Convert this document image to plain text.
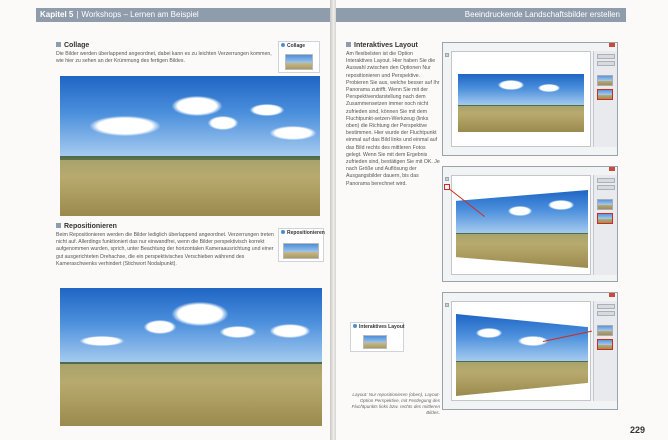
Kapitel 5 | Workshops – Lernen am Beispiel
Collage
Die Bilder werden überlappend angeordnet, dabei kann es zu leichten Verzerrungen kommen, wie hier zu sehen an der Krümmung des fertigen Bildes.
Collage
Repositionieren
Beim Repositionieren werden die Bilder lediglich überlappend angeordnet. Verzerrungen treten nicht auf. Allerdings funktioniert das nur einwandfrei, wenn die Bilder perspektivisch korrekt aufgenommen wurden, sprich, unter Beachtung der horizontalen Kameraausrichtung und einer gut ausgerichteten Drehachse, die ein perspektivisches Verschieben während des Kameraschwenks verhindert (Stichwort Nodalpunkt).
Repositionieren
Beeindruckende Landschaftsbilder erstellen
Interaktives Layout
Am flexibelsten ist die Option Interaktives Layout. Hier haben Sie die Auswahl zwischen den Optionen Nur repositionieren und Perspektive. Probieren Sie aus, welche besser auf Ihr Panorama zutrifft. Wenn Sie mit der Perspektivendarstellung nach dem Zusammensetzen immer noch nicht zufrieden sind, können Sie mit dem Fluchtpunkt-setzen-Werkzeug (links oben) die Richtung der Perspektive bestimmen. Hier wurde der Fluchtpunkt einmal auf das Bild links und einmal auf das Bild rechts des mittleren Fotos gelegt. Wenn Sie mit dem Ergebnis zufrieden sind, bestätigen Sie mit OK. Je nach Größe und Auflösung der Ausgangsbilder dauern, bis das Panorama berechnet wird.
Interaktives Layout
Layout: Nur repositionieren (oben), Layout-Option Perspektive, mit Festlegung des Fluchtpunkts links bzw. rechts des mittleren Bildes.
229
